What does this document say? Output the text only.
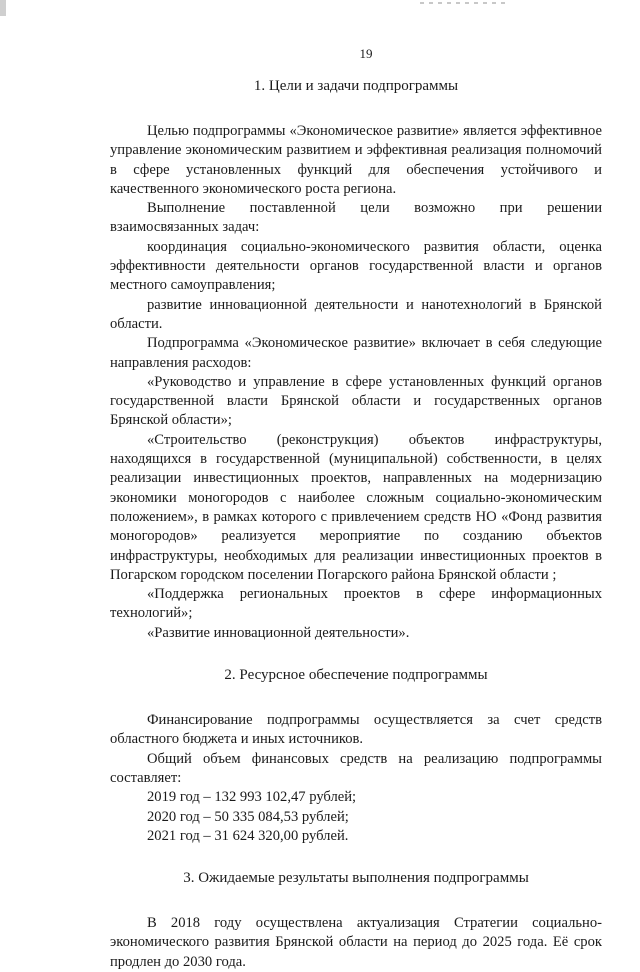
19
1. Цели и задачи подпрограммы

Целью подпрограммы «Экономическое развитие» является эффективное управление экономическим развитием и эффективная реализация полномочий в сфере установленных функций для обеспечения устойчивого и качественного экономического роста региона.

Выполнение поставленной цели возможно при решении взаимосвязанных задач:

координация социально-экономического развития области, оценка эффективности деятельности органов государственной власти и органов местного самоуправления;

развитие инновационной деятельности и нанотехнологий в Брянской области.

Подпрограмма «Экономическое развитие» включает в себя следующие направления расходов:

«Руководство и управление в сфере установленных функций органов государственной власти Брянской области и государственных органов Брянской области»;

«Строительство (реконструкция) объектов инфраструктуры, находящихся в государственной (муниципальной) собственности, в целях реализации инвестиционных проектов, направленных на модернизацию экономики моногородов с наиболее сложным социально-экономическим положением», в рамках которого с привлечением средств НО «Фонд развития моногородов» реализуется мероприятие по созданию объектов инфраструктуры, необходимых для реализации инвестиционных проектов в Погарском городском поселении Погарского района Брянской области ;

«Поддержка региональных проектов в сфере информационных технологий»;

«Развитие инновационной деятельности».

2. Ресурсное обеспечение подпрограммы

Финансирование подпрограммы осуществляется за счет средств областного бюджета и иных источников.

Общий объем финансовых средств на реализацию подпрограммы составляет:

2019 год – 132 993 102,47 рублей;

2020 год – 50 335 084,53 рублей;

2021 год – 31 624 320,00 рублей.

3. Ожидаемые результаты выполнения подпрограммы

В 2018 году осуществлена актуализация Стратегии социально-экономического развития Брянской области на период до 2025 года. Её срок продлен до 2030 года.
